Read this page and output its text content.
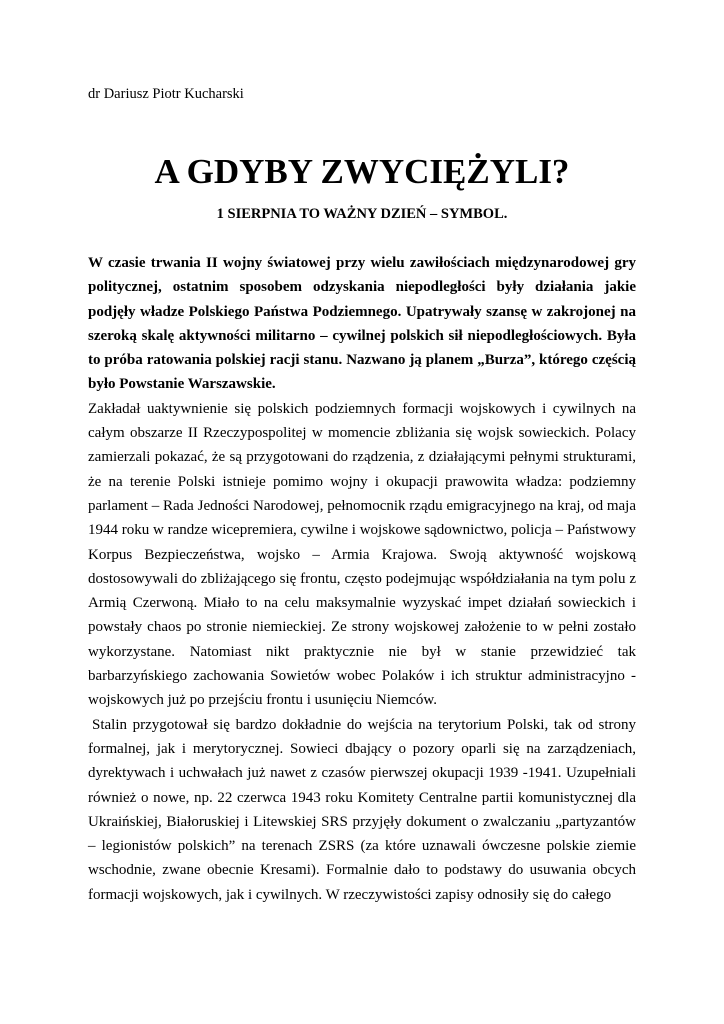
dr Dariusz Piotr Kucharski
A GDYBY ZWYCIĘŻYLI?
1 SIERPNIA TO WAŻNY DZIEŃ – SYMBOL.

W czasie trwania II wojny światowej przy wielu zawiłościach międzynarodowej gry politycznej, ostatnim sposobem odzyskania niepodległości były działania jakie podjęły władze Polskiego Państwa Podziemnego. Upatrywały szansę w zakrojonej na szeroką skalę aktywności militarno – cywilnej polskich sił niepodległościowych. Była to próba ratowania polskiej racji stanu. Nazwano ją planem „Burza”, którego częścią było Powstanie Warszawskie.

Zakładał uaktywnienie się polskich podziemnych formacji wojskowych i cywilnych na całym obszarze II Rzeczypospolitej w momencie zbliżania się wojsk sowieckich. Polacy zamierzali pokazać, że są przygotowani do rządzenia, z działającymi pełnymi strukturami, że na terenie Polski istnieje pomimo wojny i okupacji prawowita władza: podziemny parlament – Rada Jedności Narodowej, pełnomocnik rządu emigracyjnego na kraj, od maja 1944 roku w randze wicepremiera, cywilne i wojskowe sądownictwo, policja – Państwowy Korpus Bezpieczeństwa, wojsko – Armia Krajowa. Swoją aktywność wojskową dostosowywali do zbliżającego się frontu, często podejmując współdziałania na tym polu z Armią Czerwoną. Miało to na celu maksymalnie wyzyskać impet działań sowieckich i powstały chaos po stronie niemieckiej. Ze strony wojskowej założenie to w pełni zostało wykorzystane. Natomiast nikt praktycznie nie był w stanie przewidzieć tak barbarzyńskiego zachowania Sowietów wobec Polaków i ich struktur administracyjno - wojskowych już po przejściu frontu i usunięciu Niemców.

Stalin przygotował się bardzo dokładnie do wejścia na terytorium Polski, tak od strony formalnej, jak i merytorycznej. Sowieci dbający o pozory oparli się na zarządzeniach, dyrektywach i uchwałach już nawet z czasów pierwszej okupacji 1939 -1941. Uzupełniali również o nowe, np. 22 czerwca 1943 roku Komitety Centralne partii komunistycznej dla Ukraińskiej, Białoruskiej i Litewskiej SRS przyjęły dokument o zwalczaniu „partyzantów – legionistów polskich” na terenach ZSRS (za które uznawali ówczesne polskie ziemie wschodnie, zwane obecnie Kresami). Formalnie dało to podstawy do usuwania obcych formacji wojskowych, jak i cywilnych. W rzeczywistości zapisy odnosiły się do całego
